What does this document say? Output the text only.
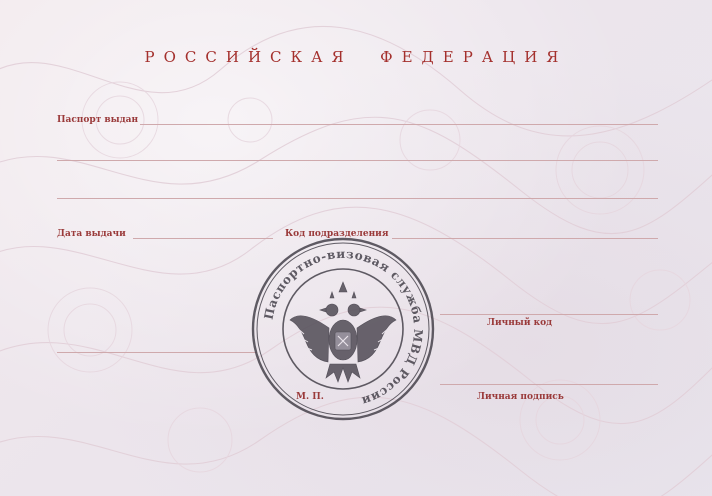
РОССИЙСКАЯ  ФЕДЕРАЦИЯ
Паспорт выдан
Дата выдачи	Код подразделения
Личный код
М. П.	Личная подпись
Паспортно-визовая служба МВД России
